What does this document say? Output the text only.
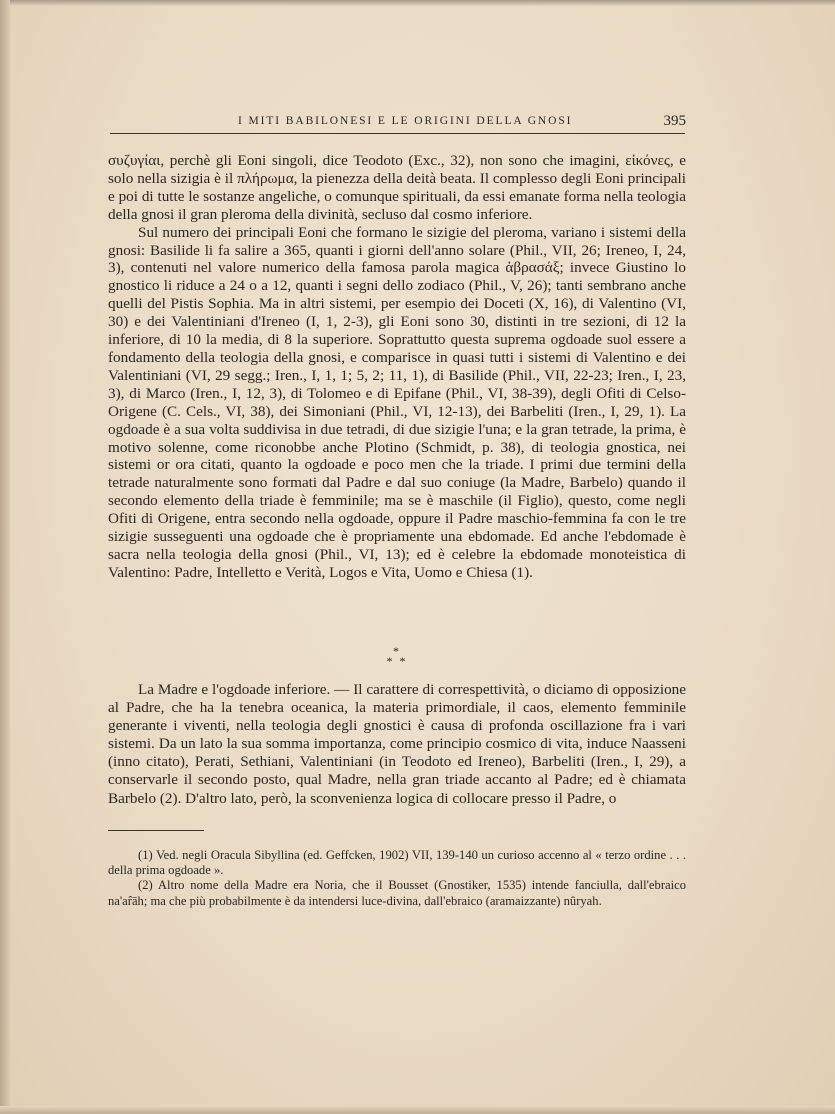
I MITI BABILONESI E LE ORIGINI DELLA GNOSI	395

συζυγίαι, perchè gli Eoni singoli, dice Teodoto (Exc., 32), non sono che imagini, εἰκόνες, e solo nella sizigia è il πλήρωμα, la pienezza della deità beata. Il complesso degli Eoni principali e poi di tutte le sostanze angeliche, o comunque spirituali, da essi emanate forma nella teologia della gnosi il gran pleroma della divinità, secluso dal cosmo inferiore.

Sul numero dei principali Eoni che formano le sizigie del pleroma, variano i sistemi della gnosi: Basilide li fa salire a 365, quanti i giorni dell'anno solare (Phil., VII, 26; Ireneo, I, 24, 3), contenuti nel valore numerico della famosa parola magica ἀβρασάξ; invece Giustino lo gnostico li riduce a 24 o a 12, quanti i segni dello zodiaco (Phil., V, 26); tanti sembrano anche quelli del Pistis Sophia. Ma in altri sistemi, per esempio dei Doceti (X, 16), di Valentino (VI, 30) e dei Valentiniani d'Ireneo (I, 1, 2-3), gli Eoni sono 30, distinti in tre sezioni, di 12 la inferiore, di 10 la media, di 8 la superiore. Soprattutto questa suprema ogdoade suol essere a fondamento della teologia della gnosi, e comparisce in quasi tutti i sistemi di Valentino e dei Valentiniani (VI, 29 segg.; Iren., I, 1, 1; 5, 2; 11, 1), di Basilide (Phil., VII, 22-23; Iren., I, 23, 3), di Marco (Iren., I, 12, 3), di Tolomeo e di Epifane (Phil., VI, 38-39), degli Ofiti di Celso-Origene (C. Cels., VI, 38), dei Simoniani (Phil., VI, 12-13), dei Barbeliti (Iren., I, 29, 1). La ogdoade è a sua volta suddivisa in due tetradi, di due sizigie l'una; e la gran tetrade, la prima, è motivo solenne, come riconobbe anche Plotino (Schmidt, p. 38), di teologia gnostica, nei sistemi or ora citati, quanto la ogdoade e poco men che la triade. I primi due termini della tetrade naturalmente sono formati dal Padre e dal suo coniuge (la Madre, Barbelo) quando il secondo elemento della triade è femminile; ma se è maschile (il Figlio), questo, come negli Ofiti di Origene, entra secondo nella ogdoade, oppure il Padre maschio-femmina fa con le tre sizigie susseguenti una ogdoade che è propriamente una ebdomade. Ed anche l'ebdomade è sacra nella teologia della gnosi (Phil., VI, 13); ed è celebre la ebdomade monoteistica di Valentino: Padre, Intelletto e Verità, Logos e Vita, Uomo e Chiesa (1).

*
* *

La Madre e l'ogdoade inferiore. — Il carattere di correspettività, o diciamo di opposizione al Padre, che ha la tenebra oceanica, la materia primordiale, il caos, elemento femminile generante i viventi, nella teologia degli gnostici è causa di profonda oscillazione fra i vari sistemi. Da un lato la sua somma importanza, come principio cosmico di vita, induce Naasseni (inno citato), Perati, Sethiani, Valentiniani (in Teodoto ed Ireneo), Barbeliti (Iren., I, 29), a conservarle il secondo posto, qual Madre, nella gran triade accanto al Padre; ed è chiamata Barbelo (2). D'altro lato, però, la sconvenienza logica di collocare presso il Padre, o

(1) Ved. negli Oracula Sibyllina (ed. Geffcken, 1902) VII, 139-140 un curioso accenno al « terzo ordine . . . della prima ogdoade ».

(2) Altro nome della Madre era Noria, che il Bousset (Gnostiker, 1535) intende fanciulla, dall'ebraico na'ar̂āh; ma che più probabilmente è da intendersi luce-divina, dall'ebraico (aramaizzante) nûryah.
